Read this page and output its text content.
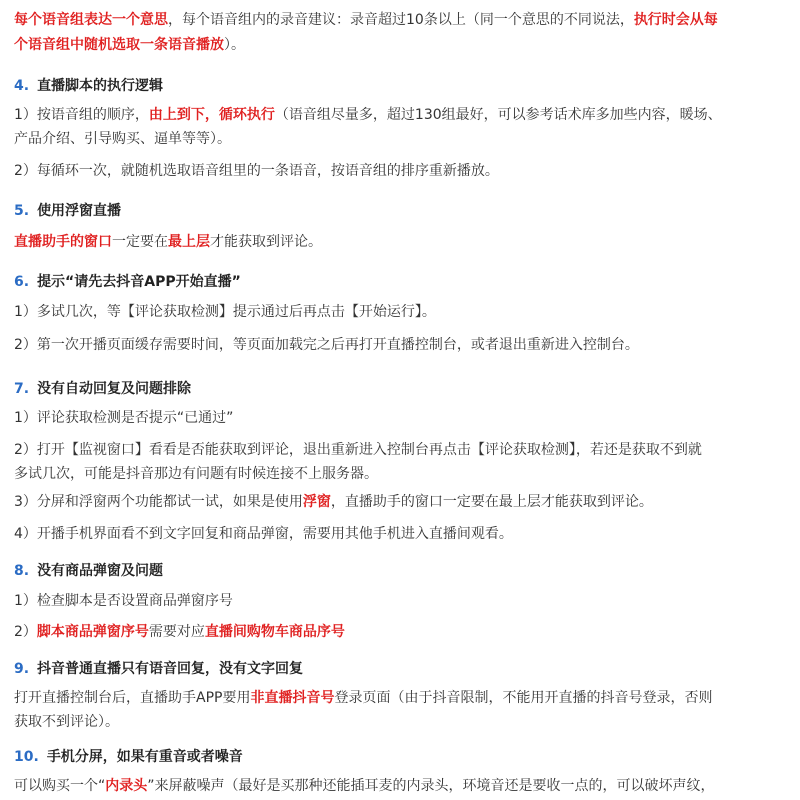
每个语音组表达一个意思，每个语音组内的录音建议：录音超过10条以上（同一个意思的不同说法，执行时会从每
个语音组中随机选取一条语音播放）。
4. 直播脚本的执行逻辑
1）按语音组的顺序，由上到下，循环执行（语音组尽量多，超过130组最好，可以参考话术库多加些内容，暖场、
产品介绍、引导购买、逼单等等）。
2）每循环一次，就随机选取语音组里的一条语音，按语音组的排序重新播放。
5. 使用浮窗直播
直播助手的窗口一定要在最上层才能获取到评论。
6. 提示“请先去抖音APP开始直播”
1）多试几次，等【评论获取检测】提示通过后再点击【开始运行】。
2）第一次开播页面缓存需要时间，等页面加载完之后再打开直播控制台，或者退出重新进入控制台。
7. 没有自动回复及问题排除
1）评论获取检测是否提示“已通过”
2）打开【监视窗口】看看是否能获取到评论，退出重新进入控制台再点击【评论获取检测】，若还是获取不到就
多试几次，可能是抖音那边有问题有时候连接不上服务器。
3）分屏和浮窗两个功能都试一试，如果是使用浮窗，直播助手的窗口一定要在最上层才能获取到评论。
4）开播手机界面看不到文字回复和商品弹窗，需要用其他手机进入直播间观看。
8. 没有商品弹窗及问题
1）检查脚本是否设置商品弹窗序号
2）脚本商品弹窗序号需要对应直播间购物车商品序号
9. 抖音普通直播只有语音回复，没有文字回复
打开直播控制台后，直播助手APP要用非直播抖音号登录页面（由于抖音限制，不能用开直播的抖音号登录，否则
获取不到评论）。
10. 手机分屏，如果有重音或者噪音
可以购买一个“内录头”来屏蔽噪声（最好是买那种还能插耳麦的内录头，环境音还是要收一点的，可以破坏声纹，
